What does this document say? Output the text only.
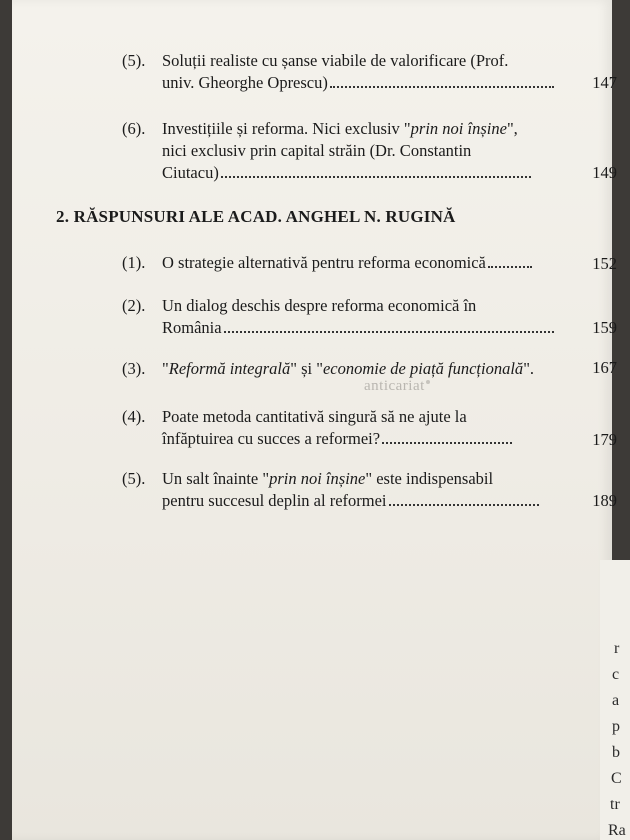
(5). Soluții realiste cu șanse viabile de valorificare (Prof.
univ. Gheorghe Oprescu)	147
(6). Investițiile și reforma. Nici exclusiv "prin noi înșine",
nici exclusiv prin capital străin (Dr. Constantin
Ciutacu)	149
2. RĂSPUNSURI ALE ACAD. ANGHEL N. RUGINĂ
(1). O strategie alternativă pentru reforma economică	152
(2). Un dialog deschis despre reforma economică în
România	159
(3). "Reformă integrală" și "economie de piață funcțională".	167
anticariat
(4). Poate metoda cantitativă singură să ne ajute la
înfăptuirea cu succes a reformei?	179
(5). Un salt înainte "prin noi înșine" este indispensabil
pentru succesul deplin al reformei	189
r
c
a
p
b
C
tr
Ra
